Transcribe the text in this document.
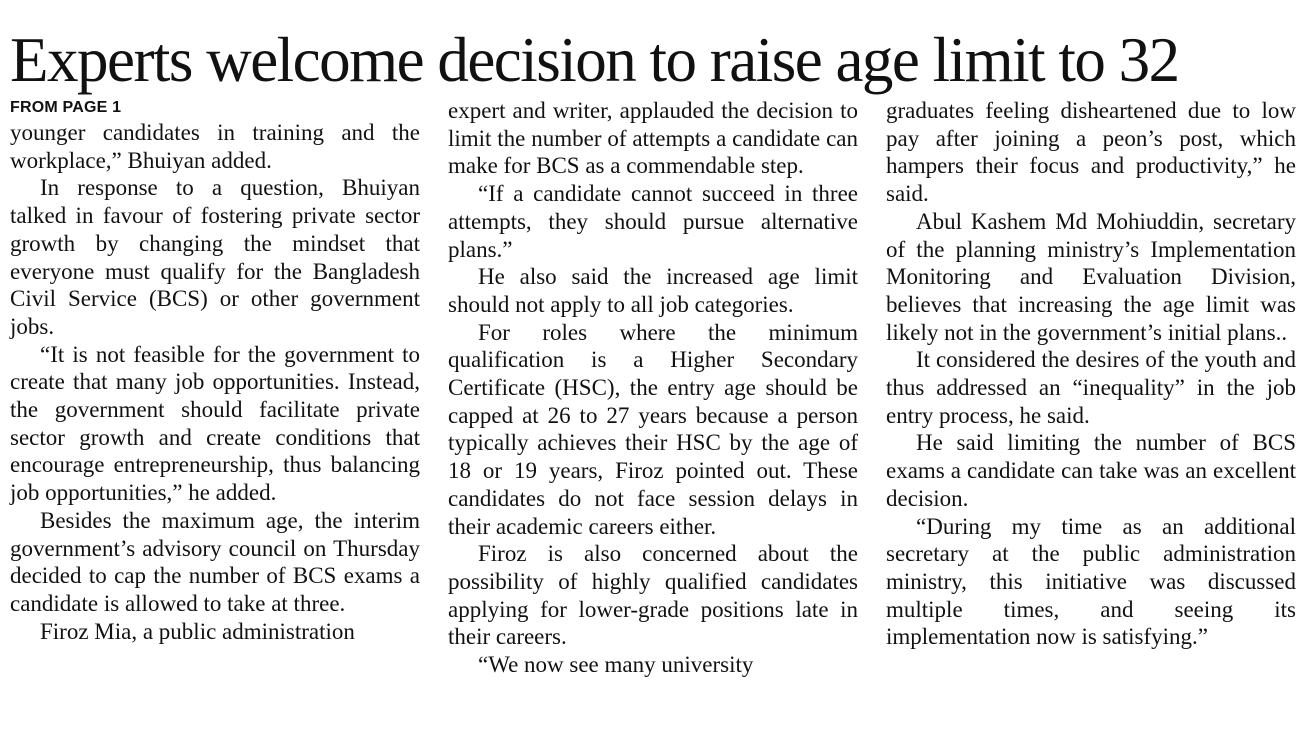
Experts welcome decision to raise age limit to 32
FROM PAGE 1

younger candidates in training and the workplace,” Bhuiyan added.

In response to a question, Bhuiyan talked in favour of fostering private sector growth by changing the mindset that everyone must qualify for the Bangladesh Civil Service (BCS) or other government jobs.

“It is not feasible for the government to create that many job opportunities. Instead, the government should facilitate private sector growth and create conditions that encourage entrepreneurship, thus balancing job opportunities,” he added.

Besides the maximum age, the interim government’s advisory council on Thursday decided to cap the number of BCS exams a candidate is allowed to take at three.

Firoz Mia, a public administration

expert and writer, applauded the decision to limit the number of attempts a candidate can make for BCS as a commendable step.

“If a candidate cannot succeed in three attempts, they should pursue alternative plans.”

He also said the increased age limit should not apply to all job categories.

For roles where the minimum qualification is a Higher Secondary Certificate (HSC), the entry age should be capped at 26 to 27 years because a person typically achieves their HSC by the age of 18 or 19 years, Firoz pointed out. These candidates do not face session delays in their academic careers either.

Firoz is also concerned about the possibility of highly qualified candidates applying for lower-grade positions late in their careers.

“We now see many university

graduates feeling disheartened due to low pay after joining a peon’s post, which hampers their focus and productivity,” he said.

Abul Kashem Md Mohiuddin, secretary of the planning ministry’s Implementation Monitoring and Evaluation Division, believes that increasing the age limit was likely not in the government’s initial plans..

It considered the desires of the youth and thus addressed an “inequality” in the job entry process, he said.

He said limiting the number of BCS exams a candidate can take was an excellent decision.

“During my time as an additional secretary at the public administration ministry, this initiative was discussed multiple times, and seeing its implementation now is satisfying.”
